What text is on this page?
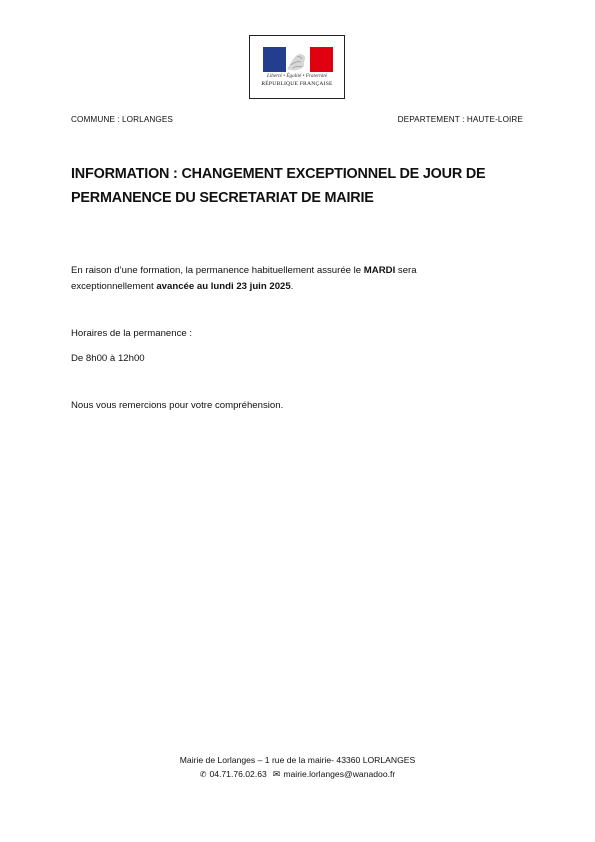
Liberté • Égalité • Fraternité
RÉPUBLIQUE FRANÇAISE
COMMUNE : LORLANGES	DEPARTEMENT : HAUTE-LOIRE
INFORMATION : CHANGEMENT EXCEPTIONNEL DE JOUR DE
PERMANENCE DU SECRETARIAT DE MAIRIE
En raison d’une formation, la permanence habituellement assurée le MARDI sera
exceptionnellement avancée au lundi 23 juin 2025.
Horaires de la permanence :
De 8h00 à 12h00
Nous vous remercions pour votre compréhension.
Mairie de Lorlanges – 1 rue de la mairie- 43360 LORLANGES
✆ 04.71.76.02.63 ✉ mairie.lorlanges@wanadoo.fr
